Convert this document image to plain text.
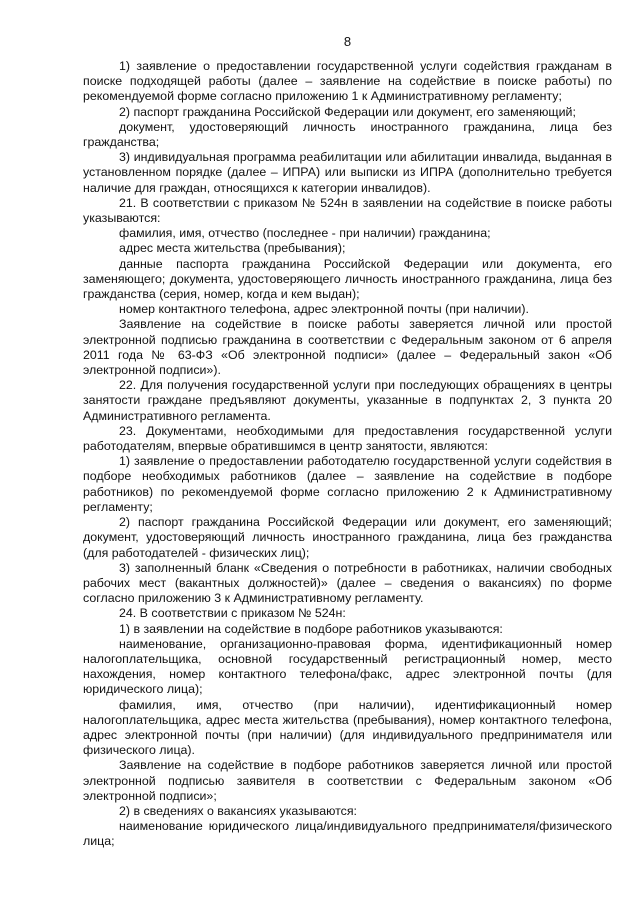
8

1) заявление о предоставлении государственной услуги содействия гражданам в поиске подходящей работы (далее – заявление на содействие в поиске работы) по рекомендуемой форме согласно приложению 1 к Административному регламенту;

2) паспорт гражданина Российской Федерации или документ, его заменяющий;

документ, удостоверяющий личность иностранного гражданина, лица без гражданства;

3) индивидуальная программа реабилитации или абилитации инвалида, выданная в установленном порядке (далее – ИПРА) или выписки из ИПРА (дополнительно требуется наличие для граждан, относящихся к категории инвалидов).

21. В соответствии с приказом № 524н в заявлении на содействие в поиске работы указываются:

фамилия, имя, отчество (последнее - при наличии) гражданина;

адрес места жительства (пребывания);

данные паспорта гражданина Российской Федерации или документа, его заменяющего; документа, удостоверяющего личность иностранного гражданина, лица без гражданства (серия, номер, когда и кем выдан);

номер контактного телефона, адрес электронной почты (при наличии).

Заявление на содействие в поиске работы заверяется личной или простой электронной подписью гражданина в соответствии с Федеральным законом от 6 апреля 2011 года № 63-ФЗ «Об электронной подписи» (далее – Федеральный закон «Об электронной подписи»).

22. Для получения государственной услуги при последующих обращениях в центры занятости граждане предъявляют документы, указанные в подпунктах 2, 3 пункта 20 Административного регламента.

23. Документами, необходимыми для предоставления государственной услуги работодателям, впервые обратившимся в центр занятости, являются:

1) заявление о предоставлении работодателю государственной услуги содействия в подборе необходимых работников (далее – заявление на содействие в подборе работников) по рекомендуемой форме согласно приложению 2 к Административному регламенту;

2) паспорт гражданина Российской Федерации или документ, его заменяющий; документ, удостоверяющий личность иностранного гражданина, лица без гражданства (для работодателей - физических лиц);

3) заполненный бланк «Сведения о потребности в работниках, наличии свободных рабочих мест (вакантных должностей)» (далее – сведения о вакансиях) по форме согласно приложению 3 к Административному регламенту.

24. В соответствии с приказом № 524н:

1) в заявлении на содействие в подборе работников указываются:

наименование, организационно-правовая форма, идентификационный номер налогоплательщика, основной государственный регистрационный номер, место нахождения, номер контактного телефона/факс, адрес электронной почты (для юридического лица);

фамилия, имя, отчество (при наличии), идентификационный номер налогоплательщика, адрес места жительства (пребывания), номер контактного телефона, адрес электронной почты (при наличии) (для индивидуального предпринимателя или физического лица).

Заявление на содействие в подборе работников заверяется личной или простой электронной подписью заявителя в соответствии с Федеральным законом «Об электронной подписи»;

2) в сведениях о вакансиях указываются:

наименование юридического лица/индивидуального предпринимателя/физического лица;
